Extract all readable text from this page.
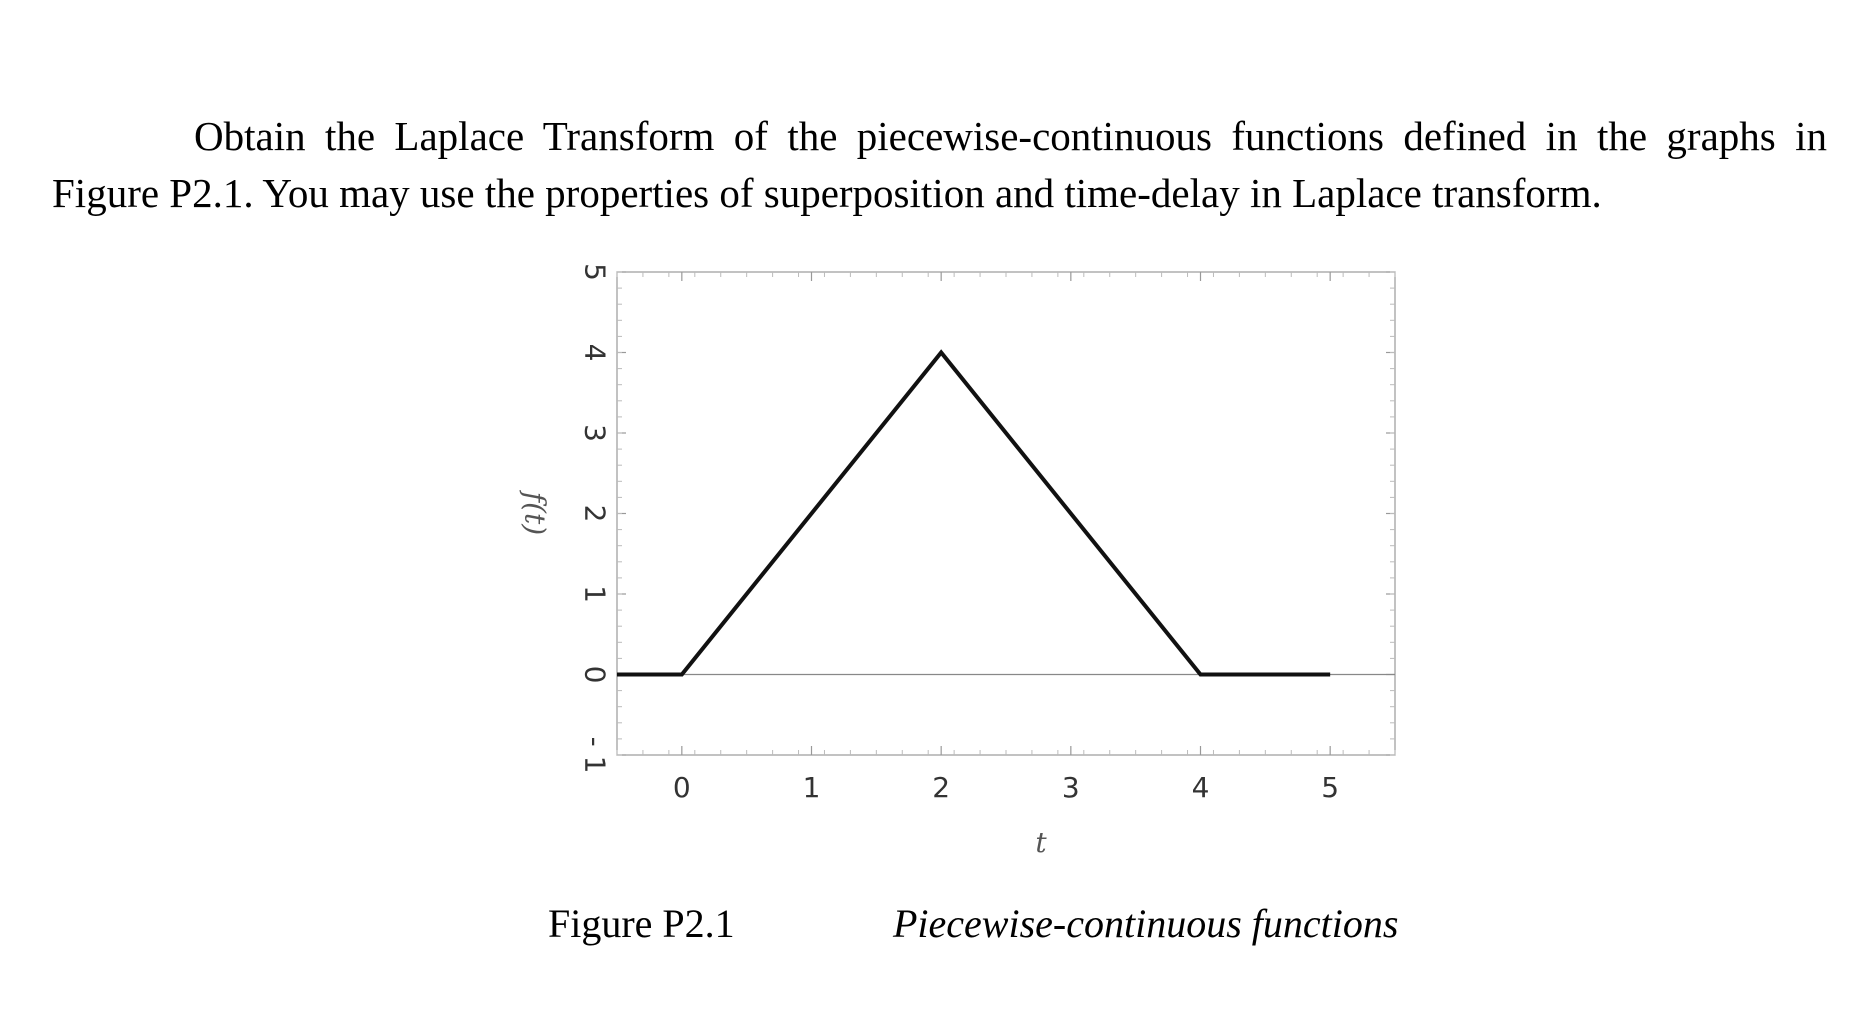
Obtain the Laplace Transform of the piecewise-continuous functions defined in the graphs in Figure P2.1. You may use the properties of superposition and time-delay in Laplace transform.

0	1	2	3	4	5
- 1
0
1
2
3
4
5
t
f(t)
Figure P2.1	Piecewise-continuous functions
